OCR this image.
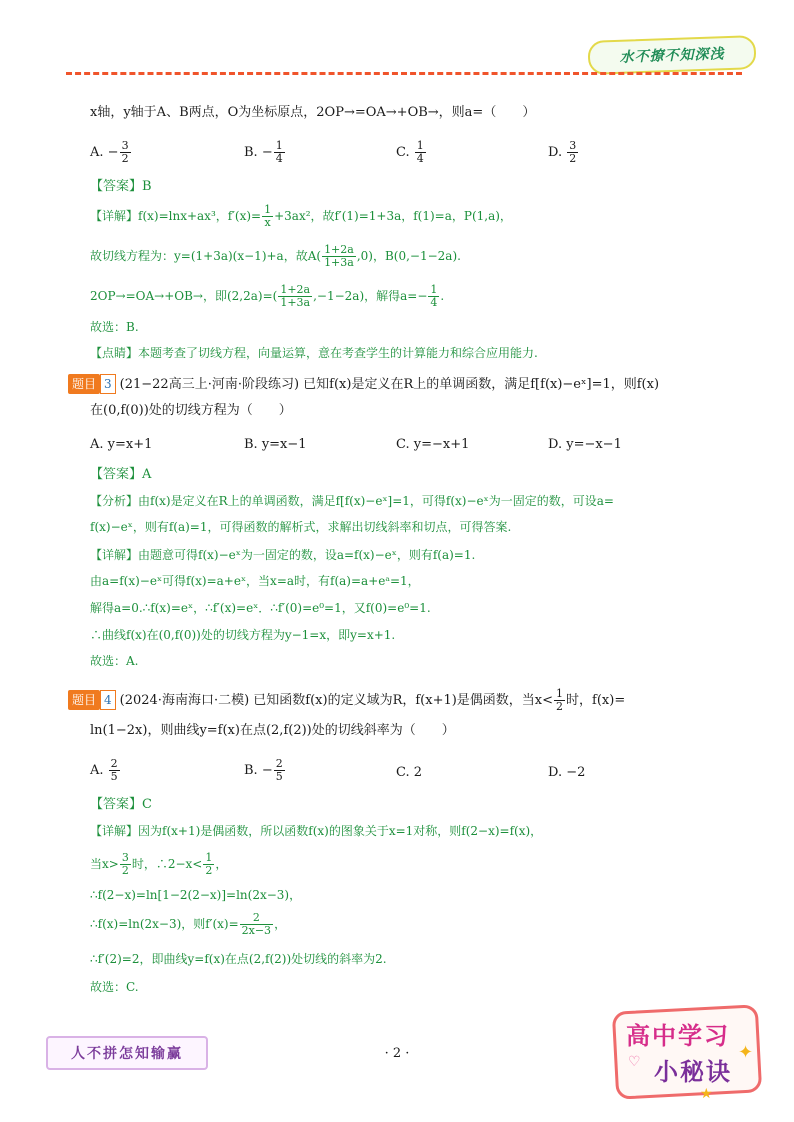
水不撩不知深浅
x轴，y轴于A、B两点，O为坐标原点，2OP→=OA→+OB→，则a=（　　）
A. − $\frac{3}{2}$	B. − $\frac{1}{4}$	C. $\frac{1}{4}$	D. $\frac{3}{2}$
【答案】B
【详解】f(x)=lnx+ax³，$f'(x)= \frac{1}{x} +3ax^2$，故f′(1)=1+3a，f(1)=a，P(1,a)，
故切线方程为：y=(1+3a)(x−1)+a，故$A( \frac{1+2a}{1+3a} ,0)$，B(0,−1−2a).
2OP→=OA→+OB→，即$(2,2a)=( \frac{1+2a}{1+3a} ,-1-2a)$，解得$a=- \frac{1}{4}$ .
故选：B.
【点睛】本题考查了切线方程，向量运算，意在考查学生的计算能力和综合应用能力.
题目 3 (21−22高三上·河南·阶段练习) 已知f(x)是定义在R上的单调函数，满足f[f(x)−eˣ]=1，则f(x)
在(0,f(0))处的切线方程为（　　）
A. y=x+1	B. y=x−1	C. y=−x+1	D. y=−x−1
【答案】A
【分析】由f(x)是定义在R上的单调函数，满足f[f(x)−eˣ]=1，可得f(x)−eˣ为一固定的数，可设a=
f(x)−eˣ，则有f(a)=1，可得函数的解析式，求解出切线斜率和切点，可得答案.
【详解】由题意可得f(x)−eˣ为一固定的数，设a=f(x)−eˣ，则有f(a)=1.
由a=f(x)−eˣ可得f(x)=a+eˣ，当x=a时，有f(a)=a+eᵃ=1，
解得a=0.∴f(x)=eˣ，∴f′(x)=eˣ．∴f′(0)=e⁰=1，又f(0)=e⁰=1.
∴曲线f(x)在(0,f(0))处的切线方程为y−1=x，即y=x+1.
故选：A.
题目 4 (2024·海南海口·二模) 已知函数f(x)的定义域为R，f(x+1)是偶函数，当$x< \frac{1}{2}$ 时，f(x)=
ln(1−2x)，则曲线y=f(x)在点(2,f(2))处的切线斜率为（　　）
A. $\frac{2}{5}$	B. − $\frac{2}{5}$	C. 2	D. −2
【答案】C
【详解】因为f(x+1)是偶函数，所以函数f(x)的图象关于x=1对称，则f(2−x)=f(x)，
当$x> \frac{3}{2}$ 时，∴2−x< $\frac{1}{2}$ ，
∴f(2−x)=ln[1−2(2−x)]=ln(2x−3)，
∴f(x)=ln(2x−3)，则$f'(x)= \frac{2}{2x-3}$ ，
∴f′(2)=2，即曲线y=f(x)在点(2,f(2))处切线的斜率为2.
故选：C.
人不拼怎知输赢	· 2 ·
高中学习
小秘诀
✦
♡
★
